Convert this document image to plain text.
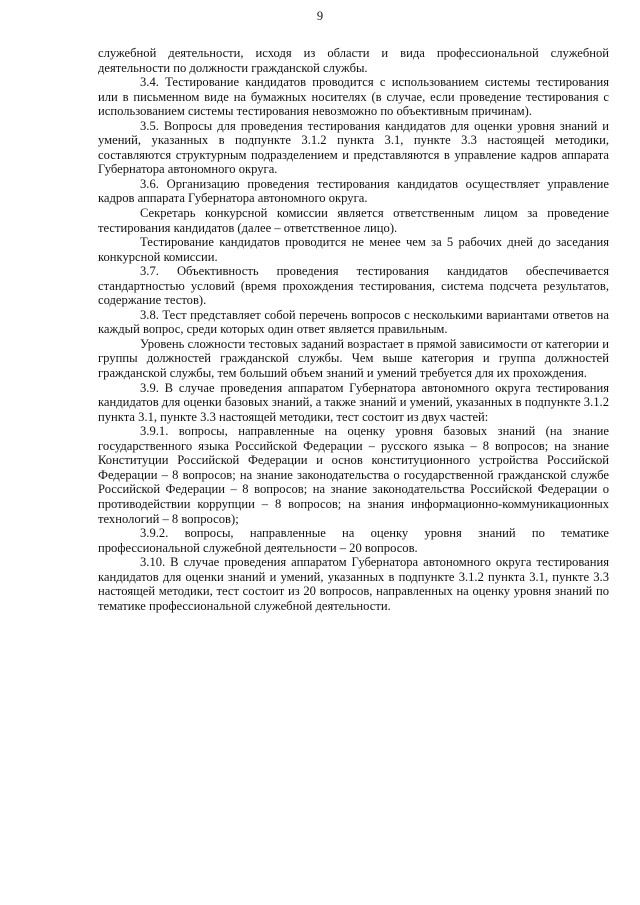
9

служебной деятельности, исходя из области и вида профессиональной служебной деятельности по должности гражданской службы.

3.4. Тестирование кандидатов проводится с использованием системы тестирования или в письменном виде на бумажных носителях (в случае, если проведение тестирования с использованием системы тестирования невозможно по объективным причинам).

3.5. Вопросы для проведения тестирования кандидатов для оценки уровня знаний и умений, указанных в подпункте 3.1.2 пункта 3.1, пункте 3.3 настоящей методики, составляются структурным подразделением и представляются в управление кадров аппарата Губернатора автономного округа.

3.6. Организацию проведения тестирования кандидатов осуществляет управление кадров аппарата Губернатора автономного округа.

Секретарь конкурсной комиссии является ответственным лицом за проведение тестирования кандидатов (далее – ответственное лицо).

Тестирование кандидатов проводится не менее чем за 5 рабочих дней до заседания конкурсной комиссии.

3.7. Объективность проведения тестирования кандидатов обеспечивается стандартностью условий (время прохождения тестирования, система подсчета результатов, содержание тестов).

3.8. Тест представляет собой перечень вопросов с несколькими вариантами ответов на каждый вопрос, среди которых один ответ является правильным.

Уровень сложности тестовых заданий возрастает в прямой зависимости от категории и группы должностей гражданской службы. Чем выше категория и группа должностей гражданской службы, тем больший объем знаний и умений требуется для их прохождения.

3.9. В случае проведения аппаратом Губернатора автономного округа тестирования кандидатов для оценки базовых знаний, а также знаний и умений, указанных в подпункте 3.1.2 пункта 3.1, пункте 3.3 настоящей методики, тест состоит из двух частей:

3.9.1. вопросы, направленные на оценку уровня базовых знаний (на знание государственного языка Российской Федерации – русского языка – 8 вопросов; на знание Конституции Российской Федерации и основ конституционного устройства Российской Федерации – 8 вопросов; на знание законодательства о государственной гражданской службе Российской Федерации – 8 вопросов; на знание законодательства Российской Федерации о противодействии коррупции – 8 вопросов; на знания информационно-коммуникационных технологий – 8 вопросов);

3.9.2. вопросы, направленные на оценку уровня знаний по тематике профессиональной служебной деятельности – 20 вопросов.

3.10. В случае проведения аппаратом Губернатора автономного округа тестирования кандидатов для оценки знаний и умений, указанных в подпункте 3.1.2 пункта 3.1, пункте 3.3 настоящей методики, тест состоит из 20 вопросов, направленных на оценку уровня знаний по тематике профессиональной служебной деятельности.
